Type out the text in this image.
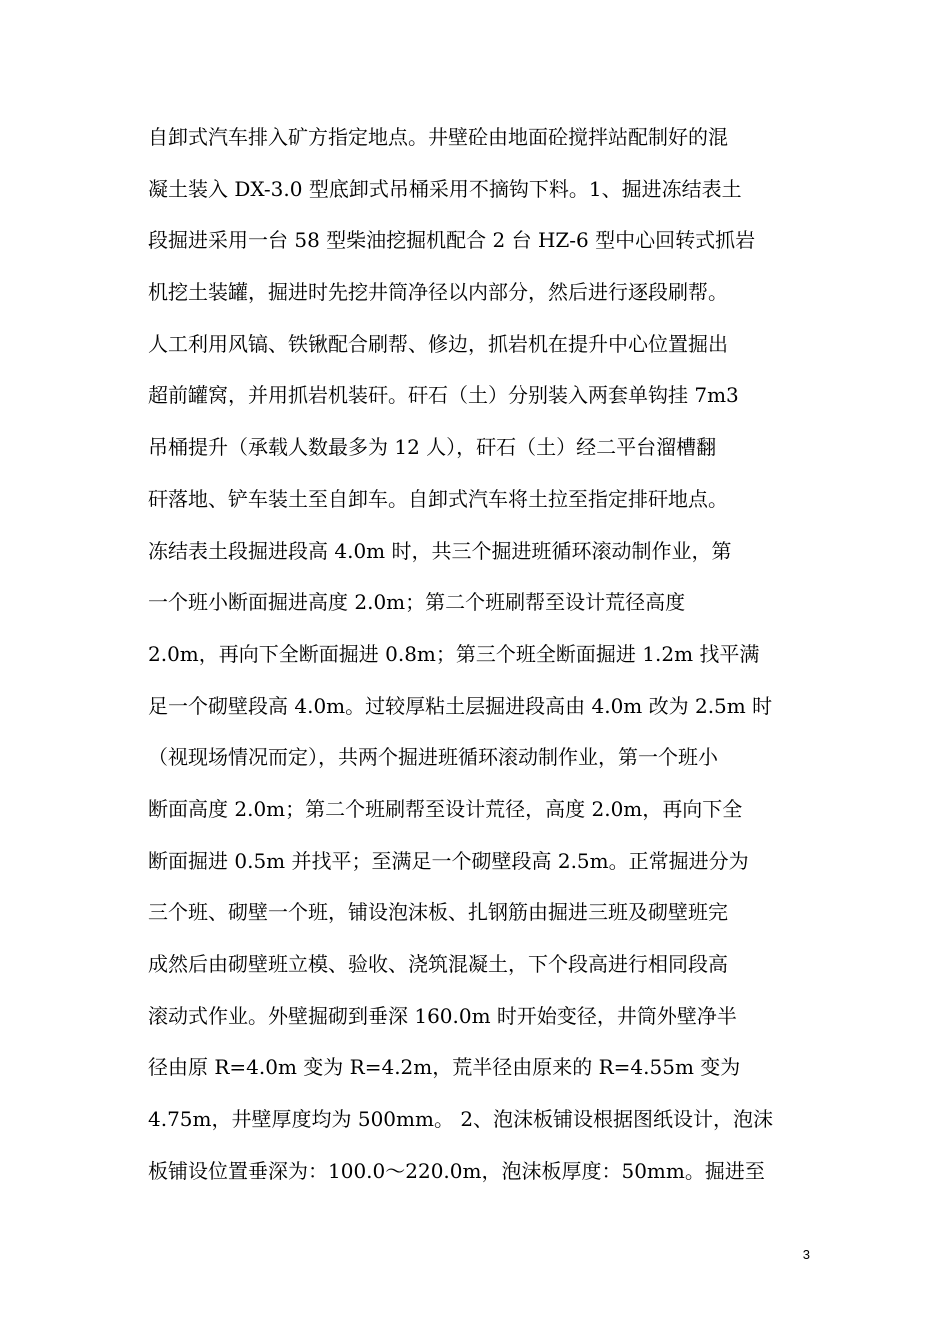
自卸式汽车排入矿方指定地点。井壁砼由地面砼搅拌站配制好的混
凝土装入 DX-3.0 型底卸式吊桶采用不摘钩下料。1、掘进冻结表土
段掘进采用一台 58 型柴油挖掘机配合 2 台 HZ-6 型中心回转式抓岩
机挖土装罐，掘进时先挖井筒净径以内部分，然后进行逐段刷帮。
人工利用风镐、铁锹配合刷帮、修边，抓岩机在提升中心位置掘出
超前罐窝，并用抓岩机装矸。矸石（土）分别装入两套单钩挂 7m3
吊桶提升（承载人数最多为 12 人），矸石（土）经二平台溜槽翻
矸落地、铲车装土至自卸车。自卸式汽车将土拉至指定排矸地点。
冻结表土段掘进段高 4.0m 时，共三个掘进班循环滚动制作业，第
一个班小断面掘进高度 2.0m；第二个班刷帮至设计荒径高度
2.0m，再向下全断面掘进 0.8m；第三个班全断面掘进 1.2m 找平满
足一个砌壁段高 4.0m。过较厚粘土层掘进段高由 4.0m 改为 2.5m 时
（视现场情况而定），共两个掘进班循环滚动制作业，第一个班小
断面高度 2.0m；第二个班刷帮至设计荒径，高度 2.0m，再向下全
断面掘进 0.5m 并找平；至满足一个砌壁段高 2.5m。正常掘进分为
三个班、砌壁一个班，铺设泡沫板、扎钢筋由掘进三班及砌壁班完
成然后由砌壁班立模、验收、浇筑混凝土，下个段高进行相同段高
滚动式作业。外壁掘砌到垂深 160.0m 时开始变径，井筒外壁净半
径由原 R=4.0m 变为 R=4.2m，荒半径由原来的 R=4.55m 变为
4.75m，井壁厚度均为 500mm。 2、泡沫板铺设根据图纸设计，泡沫
板铺设位置垂深为：100.0～220.0m，泡沫板厚度：50mm。掘进至
3
